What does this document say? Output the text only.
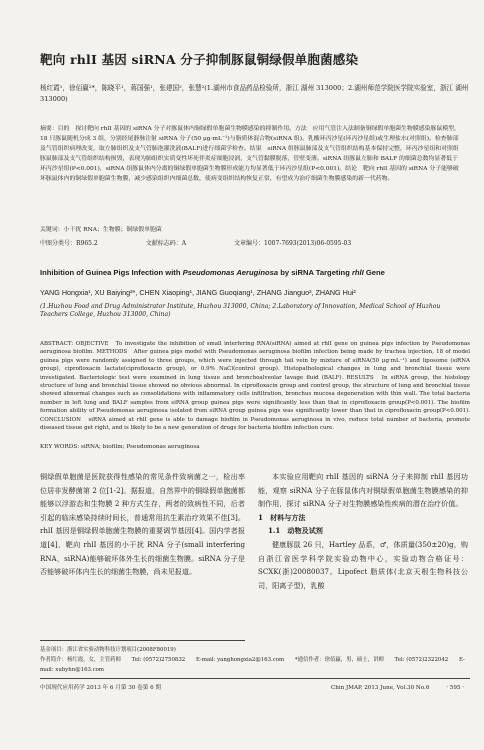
靶向 rhlI 基因 siRNA 分子抑制豚鼠铜绿假单胞菌感染
杨红霞¹，徐佰赢²*，陈晓平¹，蒋国强¹，张建国²，张慧²(1.湖州市食品药品检验所，浙江 湖州 313000；2.湖州师范学院医学院实验室，浙江 湖州 313000)
摘要：目的　探讨靶向 rhlI 基因的 siRNA 分子对豚鼠体内铜绿假单胞菌生物膜感染的抑制作用。方法　应用气管注入法制备铜绿假单胞菌生物膜感染豚鼠模型，18 只豚鼠随机分成 3 组，分别经尾静脉注射 siRNA 分子(50 μg·mL⁻¹)与脂质体混合物(siRNA 组)、乳酸环丙沙星(环丙沙星组)或生理盐水(对照组)。检查肺部及气管组织病理改变，取左肺组织及支气管肺泡灌洗液(BALF)进行细菌学检查。结果　siRNA 组豚鼠肺部及支气管组织结构基本保持完整，环丙沙星组和对照组豚鼠肺部及支气管组织结构损毁，表现为肺组织实质变性坏死伴炎症细胞浸润，支气管黏膜脱落，管壁变薄。siRNA 组豚鼠左肺和 BALF 的细菌总数均显著低于环丙沙星组(P<0.001)，siRNA 组豚鼠体内分离的铜绿假单胞菌生物膜形成能力均显著低于环丙沙星组(P<0.001)。结论　靶向 rhlI 基因的 siRNA 分子能够破坏豚鼠体内的铜绿假单胞菌生物膜，减少感染组织内细菌总数，使病变组织结构恢复正常，有望成为治疗细菌生物膜感染的新一代药物。
关键词：小干扰 RNA；生物膜；铜绿假单胞菌
中图分类号：R965.2	文献标志码：A	文章编号：1007-7693(2013)06-0595-03
Inhibition of Guinea Pigs Infection with Pseudomonas Aeruginosa by siRNA Targeting rhlI Gene
YANG Hongxia¹, XU Baiying²*, CHEN Xiaoping¹, JIANG Guoqiang¹, ZHANG Jianguo², ZHANG Hui²
(1.Huzhou Food and Drug Administrator Institute, Huzhou 313000, China; 2.Laboratory of Innovation, Medical School of Huzhou Teachers College, Huzhou 313000, China)
ABSTRACT: OBJECTIVE　To investigate the inhibition of small interfering RNA(siRNA) aimed at rhlI gene on guinea pigs infection by Pseudomonas aeruginosa biofilm. METHODS　After guinea pigs model with Pseudomonas aeruginosa biofilm infection being made by trachea injection, 18 of model guinea pigs were randomly assigned to three groups, which were injected through tail vein by mixture of siRNA(50 μg·mL⁻¹) and liposome (siRNA group), ciprofloxacin lactate(ciprofloxacin group), or 0.9% NaCl(control group). Histopathological changes in lung and bronchial tissue were investigated. Bacteriologic test were examined in lung tissue and bronchoalveolar lavage fluid (BALF). RESULTS　In siRNA group, the histology structure of lung and bronchial tissue showed no obvious abnormal. In ciprofloxacin group and control group, the structure of lung and bronchial tissue showed abnormal changes such as consolidations with inflammatory cells infiltration, bronchus mucosa degeneration with thin wall. The total bacteria number in left lung and BALF samples from siRNA group guinea pigs were significantly less than that in ciprofloxacin group(P<0.001). The biofilm formation ability of Pseudomonas aeruginosa isolated from siRNA group guinea pigs was significantly lower than that in ciprofloxacin group(P<0.001). CONCLUSION　siRNA aimed at rhlI gene is able to damage biofilm in Pseudomonas aeruginosa in vivo, reduce total number of bacteria, promote diseased tissue get right, and is likely to be a new generation of drugs for bacteria biofilm infection cure.
KEY WORDS: siRNA; biofilm; Pseudomonas aeruginosa
铜绿假单胞菌是医院获得性感染的常见条件致病菌之一，检出率位居非发酵菌第 2 位[1-2]。据报道，自然界中的铜绿假单胞菌都能够以浮游态和生物膜 2 种方式生存，两者的致病性不同，后者引起的临床感染持续时间长，普通常用抗生素治疗效果不佳[3]。rhlI 基因是铜绿假单胞菌生物膜的重要调节基因[4]。国内学者报道[4]，靶向 rhlI 基因的小干扰 RNA 分子(small interfering RNA，siRNA)能够破坏体外生长的细菌生物膜。siRNA 分子是否能够破坏体内生长的细菌生物膜，尚未见报道。
本实验应用靶向 rhlI 基因的 siRNA 分子来抑制 rhlI 基因功能，观察 siRNA 分子在豚鼠体内对铜绿假单胞菌生物膜感染的抑制作用，探讨 siRNA 分子对生物膜感染性疾病的潜在治疗价值。
1　材料与方法
1.1　动物及试剂
健康豚鼠 26 只，Hartley 品系，♂，体质量(350±20)g，购自浙江省医学科学院实验动物中心，实验动物合格证号：SCXK(浙)20080037。Lipofect 脂质体(北京天根生物科技公司，阳离子型)，乳酸
基金项目：浙江省实验动物科技计划项目(2008F80019)
作者简介：杨红霞，女，主管药师　　Tel: (0572)2750832　　E-mail: yanghongxia2@163.com　　*通信作者：徐佰赢，男，硕士，讲师　　Tel: (0572)2322042　　E-mail: xubyhn@163.com
中国现代应用药学 2013 年 6 月第 30 卷第 6 期	Chin JMAP, 2013 June, Vol.30 No.6　　　· 595 ·
